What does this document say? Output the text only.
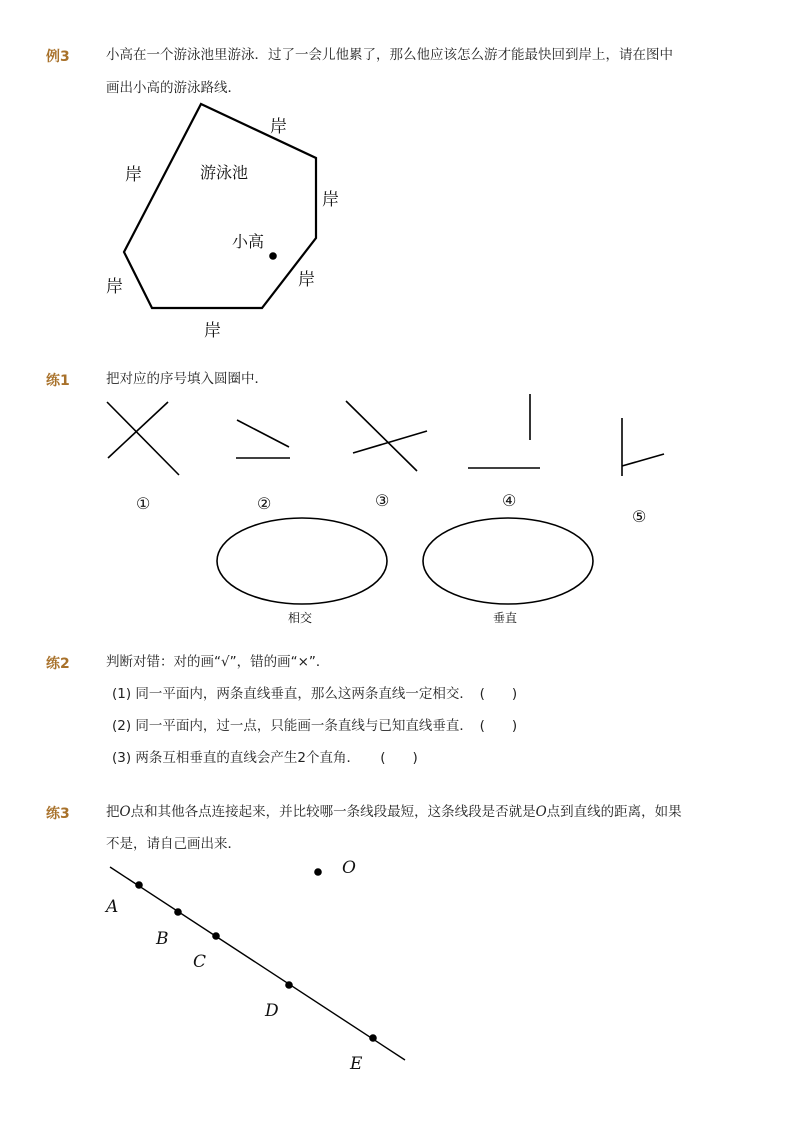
例3	小高在一个游泳池里游泳．过了一会儿他累了，那么他应该怎么游才能最快回到岸上，请在图中
画出小高的游泳路线．
岸
岸
岸
岸
岸
岸
游泳池
小高
练1	把对应的序号填入圆圈中．
①	②	③	④
⑤
相交	垂直
练2	判断对错：对的画“√”，错的画“×”．
(1) 同一平面内，两条直线垂直，那么这两条直线一定相交．　(　　)
(2) 同一平面内，过一点，只能画一条直线与已知直线垂直．　(　　)
(3) 两条互相垂直的直线会产生2个直角．　　(　　)
练3	把O点和其他各点连接起来，并比较哪一条线段最短，这条线段是否就是O点到直线的距离，如果
不是，请自己画出来．
O
A
B
C
D
E
